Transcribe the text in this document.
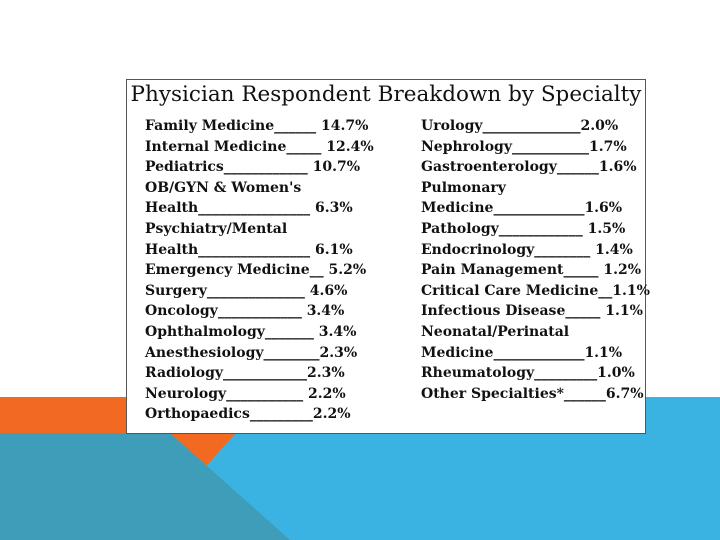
Physician Respondent Breakdown by Specialty
Family Medicine______ 14.7%
Internal Medicine_____ 12.4%
Pediatrics____________ 10.7%
OB/GYN & Women's
Health________________ 6.3%
Psychiatry/Mental
Health________________ 6.1%
Emergency Medicine__ 5.2%
Surgery______________ 4.6%
Oncology____________ 3.4%
Ophthalmology_______ 3.4%
Anesthesiology________2.3%
Radiology____________2.3%
Neurology___________ 2.2%
Orthopaedics_________2.2%
Urology______________2.0%
Nephrology___________1.7%
Gastroenterology______1.6%
Pulmonary
Medicine_____________1.6%
Pathology____________ 1.5%
Endocrinology________ 1.4%
Pain Management_____ 1.2%
Critical Care Medicine__1.1%
Infectious Disease_____ 1.1%
Neonatal/Perinatal
Medicine_____________1.1%
Rheumatology_________1.0%
Other Specialties*______6.7%
